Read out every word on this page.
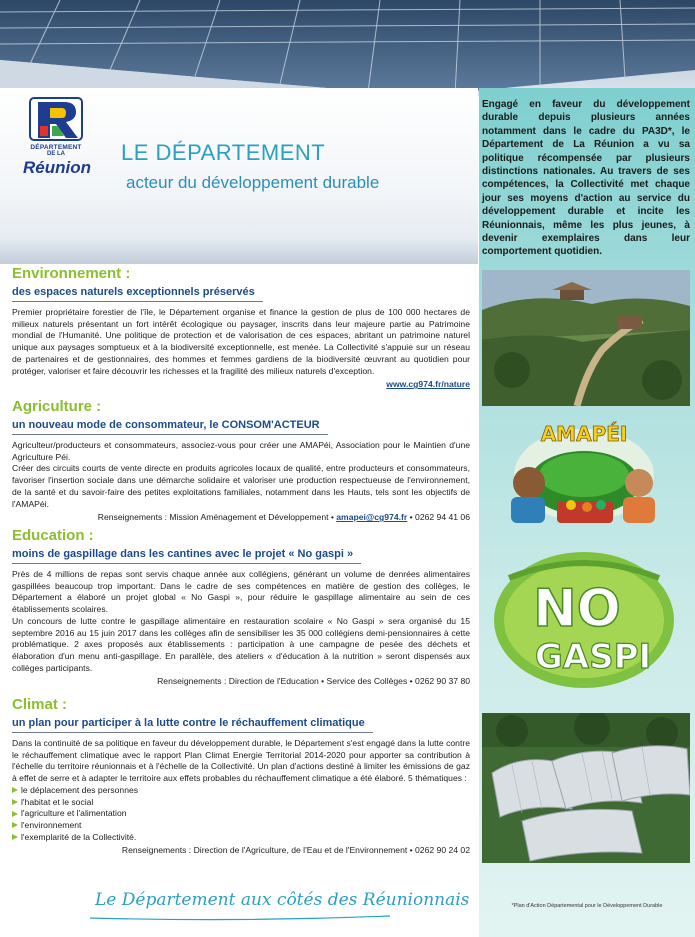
DÉPARTEMENT
DE LA
Réunion
LE DÉPARTEMENT
acteur du développement durable
Engagé en faveur du développement durable depuis plusieurs années notamment dans le cadre du PA3D*, le Département de La Réunion a vu sa politique récompensée par plusieurs distinctions nationales. Au travers de ses compétences, la Collectivité met chaque jour ses moyens d'action au service du développement durable et incite les Réunionnais, même les plus jeunes, à devenir exemplaires dans leur comportement quotidien.
AMAPÉI
NO
GASPI
*Plan d'Action Départemental pour le Développement Durable
Environnement :
des espaces naturels exceptionnels préservés
Premier propriétaire forestier de l'île, le Département organise et finance la gestion de plus de 100 000 hectares de milieux naturels présentant un fort intérêt écologique ou paysager, inscrits dans leur majeure partie au Patrimoine mondial de l'Humanité. Une politique de protection et de valorisation de ces espaces, abritant un patrimoine naturel unique aux paysages somptueux et à la biodiversité exceptionnelle, est menée. La Collectivité s'appuie sur un réseau de partenaires et de gestionnaires, des hommes et femmes gardiens de la biodiversité œuvrant au quotidien pour protéger, valoriser et faire découvrir les richesses et la fragilité des milieux naturels d'exception.
www.cg974.fr/nature
Agriculture :
un nouveau mode de consommateur, le CONSOM'ACTEUR

Agriculteur/producteurs et consommateurs, associez-vous pour créer une AMAPéi, Association pour le Maintien d'une Agriculture Péi.

Créer des circuits courts de vente directe en produits agricoles locaux de qualité, entre producteurs et consommateurs, favoriser l'insertion sociale dans une démarche solidaire et valoriser une production respectueuse de l'environnement, de la santé et du savoir-faire des petites exploitations familiales, notamment dans les Hauts, tels sont les objectifs de l'AMAPéi.

Renseignements : Mission Aménagement et Développement • amapei@cg974.fr • 0262 94 41 06
Education :
moins de gaspillage dans les cantines avec le projet « No gaspi »

Près de 4 millions de repas sont servis chaque année aux collégiens, générant un volume de denrées alimentaires gaspillées beaucoup trop important. Dans le cadre de ses compétences en matière de gestion des collèges, le Département a élaboré un projet global « No Gaspi », pour réduire le gaspillage alimentaire au sein de ces établissements scolaires.

Un concours de lutte contre le gaspillage alimentaire en restauration scolaire « No Gaspi » sera organisé du 15 septembre 2016 au 15 juin 2017 dans les collèges afin de sensibiliser les 35 000 collégiens demi-pensionnaires à cette problématique. 2 axes proposés aux établissements : participation à une campagne de pesée des déchets et élaboration d'un menu anti-gaspillage. En parallèle, des ateliers « d'éducation à la nutrition » seront dispensés aux collèges participants.

Renseignements : Direction de l'Education • Service des Collèges • 0262 90 37 80
Climat :
un plan pour participer à la lutte contre le réchauffement climatique
Dans la continuité de sa politique en faveur du développement durable, le Département s'est engagé dans la lutte contre le réchauffement climatique avec le rapport Plan Climat Energie Territorial 2014-2020 pour apporter sa contribution à l'échelle du territoire réunionnais et à l'échelle de la Collectivité. Un plan d'actions destiné à limiter les émissions de gaz à effet de serre et à adapter le territoire aux effets probables du réchauffement climatique a été élaboré. 5 thématiques :
le déplacement des personnes
l'habitat et le social
l'agriculture et l'alimentation
l'environnement
l'exemplarité de la Collectivité.
Renseignements : Direction de l'Agriculture, de l'Eau et de l'Environnement • 0262 90 24 02
Le Département aux côtés des Réunionnais
